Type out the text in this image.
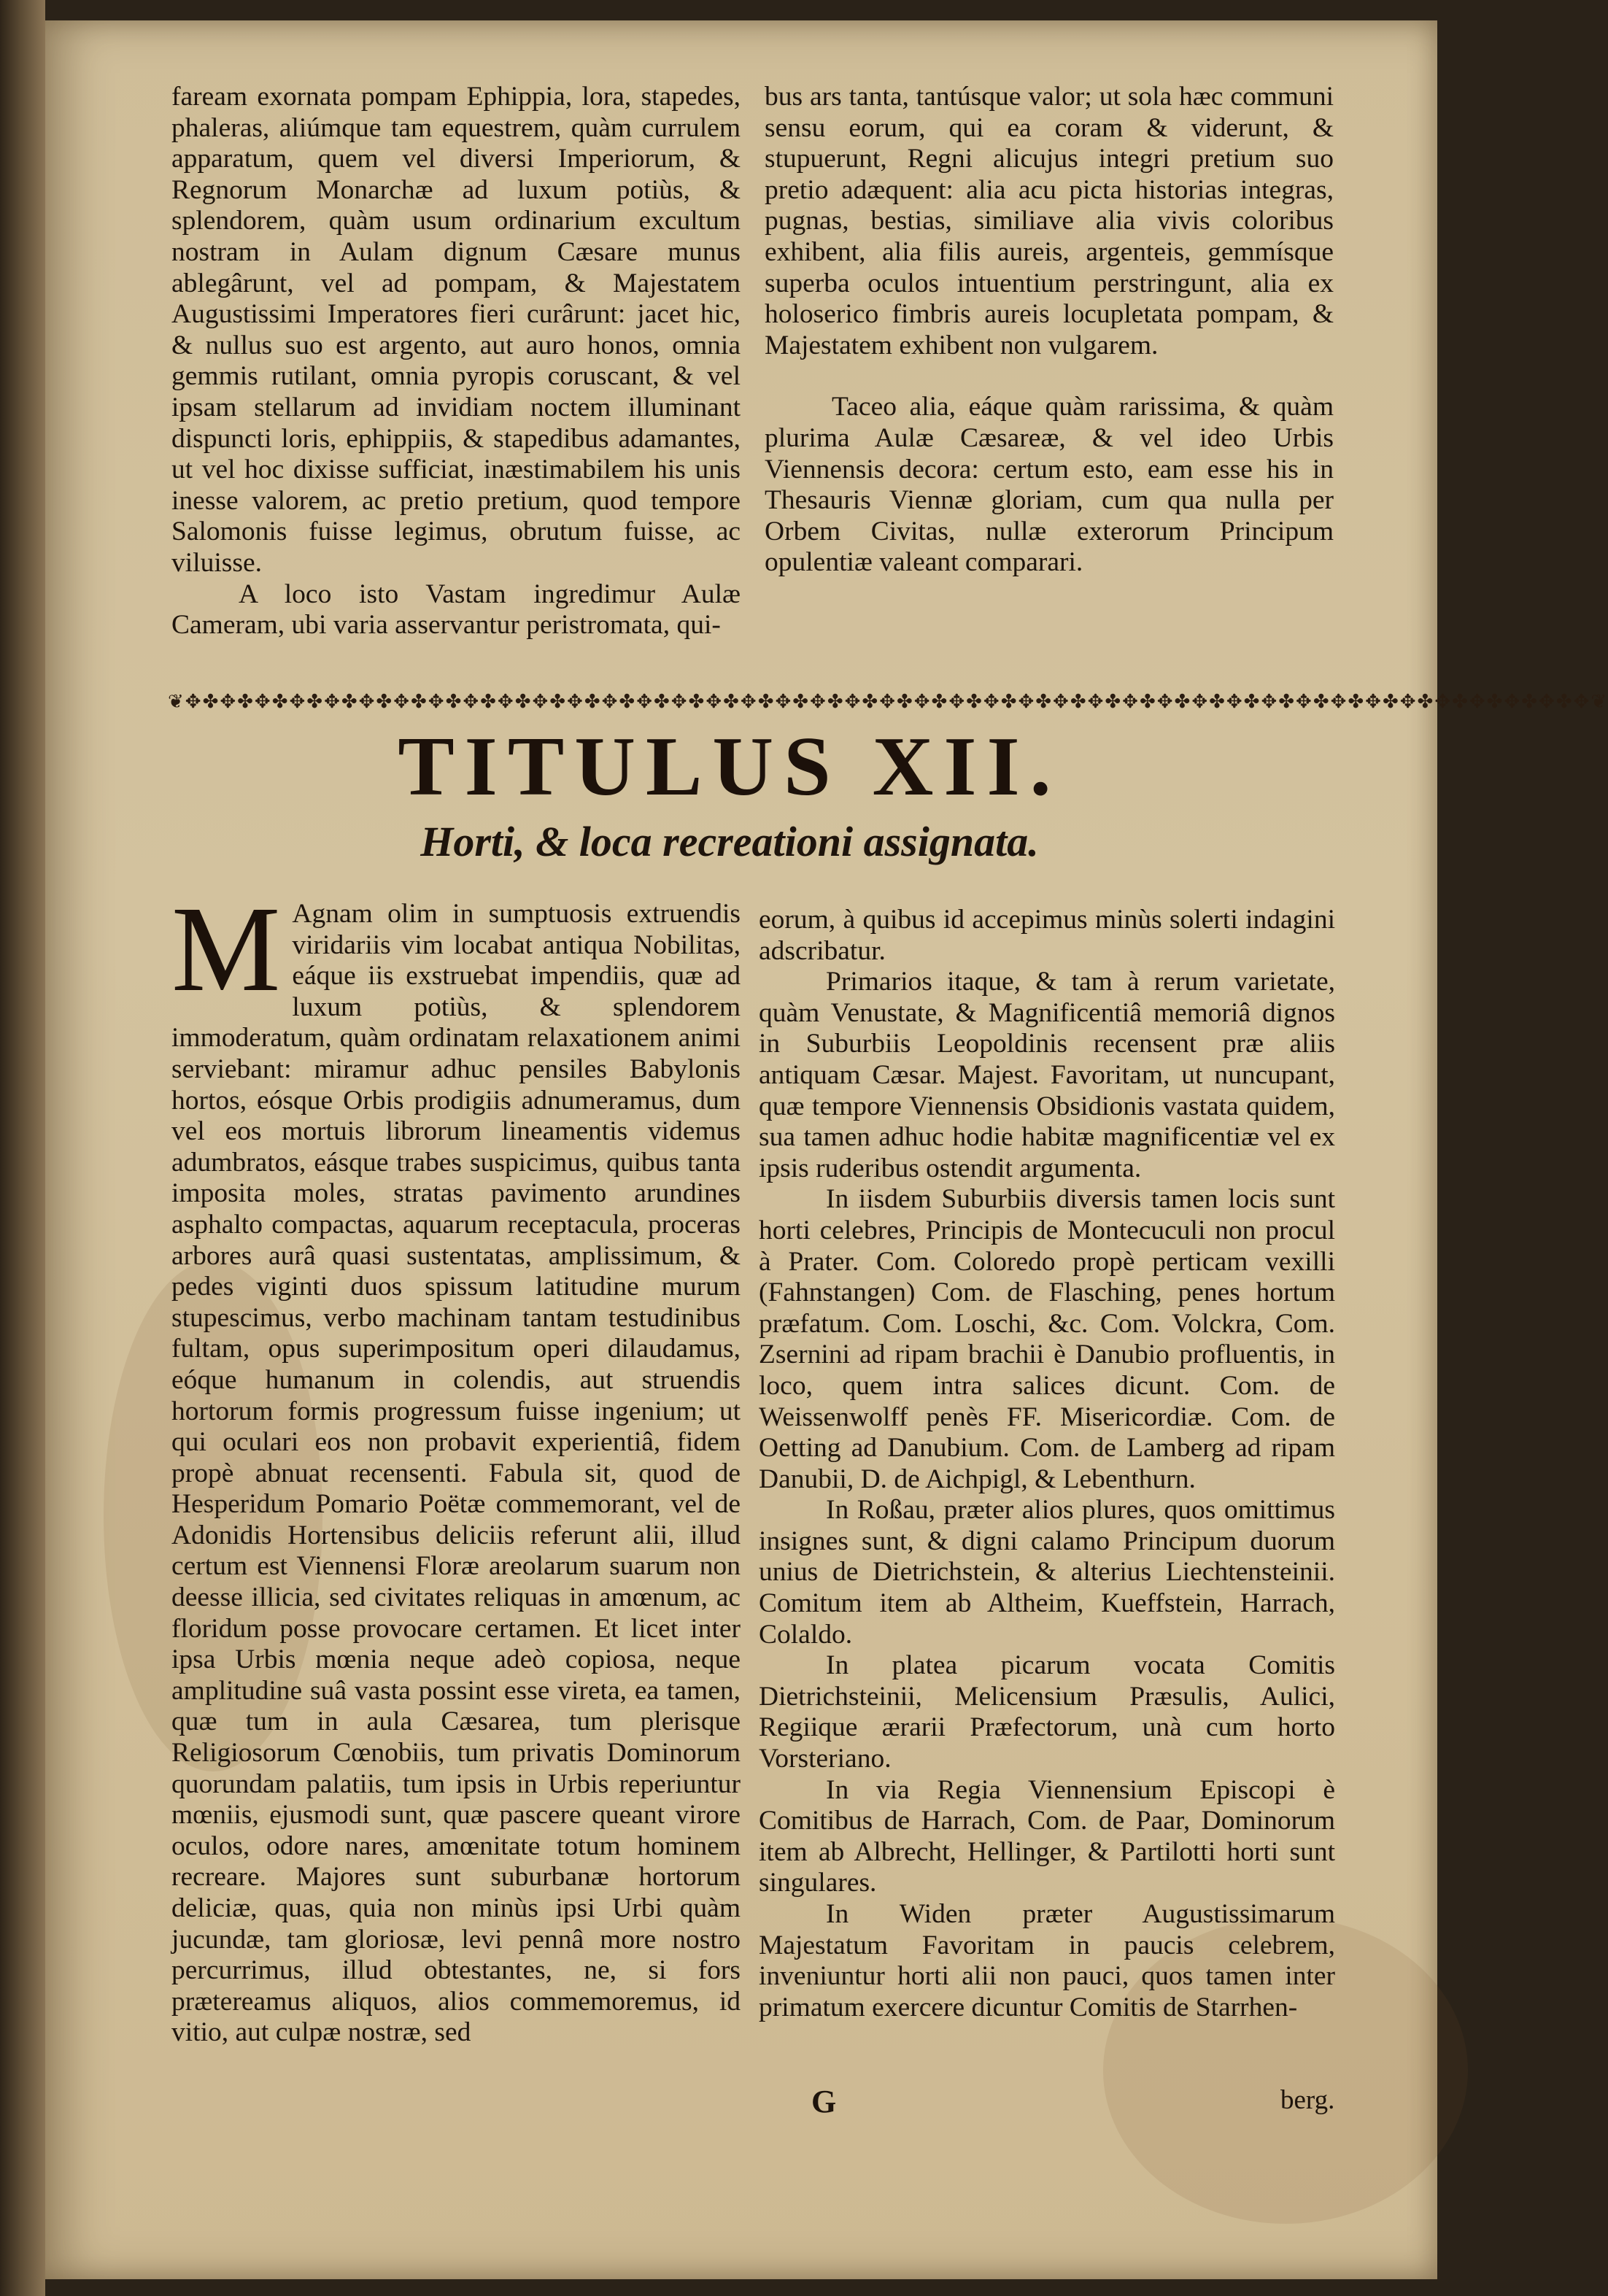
faream exornata pompam Ephippia, lora, stapedes, phaleras, aliúmque tam equestrem, quàm currulem apparatum, quem vel diversi Imperiorum, & Regnorum Monarchæ ad luxum potiùs, & splendorem, quàm usum ordinarium excultum nostram in Aulam dignum Cæsare munus ablegârunt, vel ad pompam, & Majestatem Augustissimi Imperatores fieri curârunt: jacet hic, & nullus suo est argento, aut auro honos, omnia gemmis rutilant, omnia pyropis coruscant, & vel ipsam stellarum ad invidiam noctem illuminant dispuncti loris, ephippiis, & stapedibus adamantes, ut vel hoc dixisse sufficiat, inæstimabilem his unis inesse valorem, ac pretio pretium, quod tempore Salomonis fuisse legimus, obrutum fuisse, ac viluisse.

A loco isto Vastam ingredimur Aulæ Cameram, ubi varia asservantur peristromata, qui-

bus ars tanta, tantúsque valor; ut sola hæc communi sensu eorum, qui ea coram & viderunt, & stupuerunt, Regni alicujus integri pretium suo pretio adæquent: alia acu picta historias integras, pugnas, bestias, similiave alia vivis coloribus exhibent, alia filis aureis, argenteis, gemmísque superba oculos intuentium perstringunt, alia ex holoserico fimbris aureis locupletata pompam, & Majestatem exhibent non vulgarem.

Taceo alia, eáque quàm rarissima, & quàm plurima Aulæ Cæsareæ, & vel ideo Urbis Viennensis decora: certum esto, eam esse his in Thesauris Viennæ gloriam, cum qua nulla per Orbem Civitas, nullæ exterorum Principum opulentiæ valeant comparari.

❦✥✤✥✤✥✤✥✤✥✤✥✤✥✤✥✤✥✤✥✤✥✤✥✤✥✤✥✤✥✤✥✤✥✤✥✤✥✤✥✤✥✤✥✤✥✤✥✤✥✤✥✤✥✤✥✤✥✤✥✤✥✤✥✤✥✤✥✤✥✤✥✤✥✤✥✤✥✤✥✤✥❦
TITULUS XII.
Horti, & loca recreationi assignata.
M Agnam olim in sumptuosis extruendis viridariis vim locabat antiqua Nobilitas, eáque iis exstruebat impendiis, quæ ad luxum potiùs, & splendorem immoderatum, quàm ordinatam relaxationem animi serviebant: miramur adhuc pensiles Babylonis hortos, eósque Orbis prodigiis adnumeramus, dum vel eos mortuis librorum lineamentis videmus adumbratos, eásque trabes suspicimus, quibus tanta imposita moles, stratas pavimento arundines asphalto compactas, aquarum receptacula, proceras arbores aurâ quasi sustentatas, amplissimum, & pedes viginti duos spissum latitudine murum stupescimus, verbo machinam tantam testudinibus fultam, opus superimpositum operi dilaudamus, eóque humanum in colendis, aut struendis hortorum formis progressum fuisse ingenium; ut qui oculari eos non probavit experientiâ, fidem propè abnuat recensenti. Fabula sit, quod de Hesperidum Pomario Poëtæ commemorant, vel de Adonidis Hortensibus deliciis referunt alii, illud certum est Viennensi Floræ areolarum suarum non deesse illicia, sed civitates reliquas in amœnum, ac floridum posse provocare certamen. Et licet inter ipsa Urbis mœnia neque adeò copiosa, neque amplitudine suâ vasta possint esse vireta, ea tamen, quæ tum in aula Cæsarea, tum plerisque Religiosorum Cœnobiis, tum privatis Dominorum quorundam palatiis, tum ipsis in Urbis reperiuntur mœniis, ejusmodi sunt, quæ pascere queant virore oculos, odore nares, amœnitate totum hominem recreare. Majores sunt suburbanæ hortorum deliciæ, quas, quia non minùs ipsi Urbi quàm jucundæ, tam gloriosæ, levi pennâ more nostro percurrimus, illud obtestantes, ne, si fors prætereamus aliquos, alios commemoremus, id vitio, aut culpæ nostræ, sed

eorum, à quibus id accepimus minùs solerti indagini adscribatur.

Primarios itaque, & tam à rerum varietate, quàm Venustate, & Magnificentiâ memoriâ dignos in Suburbiis Leopoldinis recensent præ aliis antiquam Cæsar. Majest. Favoritam, ut nuncupant, quæ tempore Viennensis Obsidionis vastata quidem, sua tamen adhuc hodie habitæ magnificentiæ vel ex ipsis ruderibus ostendit argumenta.

In iisdem Suburbiis diversis tamen locis sunt horti celebres, Principis de Montecuculi non procul à Prater. Com. Coloredo propè perticam vexilli (Fahnstangen) Com. de Flasching, penes hortum præfatum. Com. Loschi, &c. Com. Volckra, Com. Zsernini ad ripam brachii è Danubio profluentis, in loco, quem intra salices dicunt. Com. de Weissenwolff penès FF. Misericordiæ. Com. de Oetting ad Danubium. Com. de Lamberg ad ripam Danubii, D. de Aichpigl, & Lebenthurn.

In Roßau, præter alios plures, quos omittimus insignes sunt, & digni calamo Principum duorum unius de Dietrichstein, & alterius Liechtensteinii. Comitum item ab Altheim, Kueffstein, Harrach, Colaldo.

In platea picarum vocata Comitis Dietrichsteinii, Melicensium Præsulis, Aulici, Regiique ærarii Præfectorum, unà cum horto Vorsteriano.

In via Regia Viennensium Episcopi è Comitibus de Harrach, Com. de Paar, Dominorum item ab Albrecht, Hellinger, & Partilotti horti sunt singulares.

In Widen præter Augustissimarum Majestatum Favoritam in paucis celebrem, inveniuntur horti alii non pauci, quos tamen inter primatum exercere dicuntur Comitis de Starrhen-

G	berg.
